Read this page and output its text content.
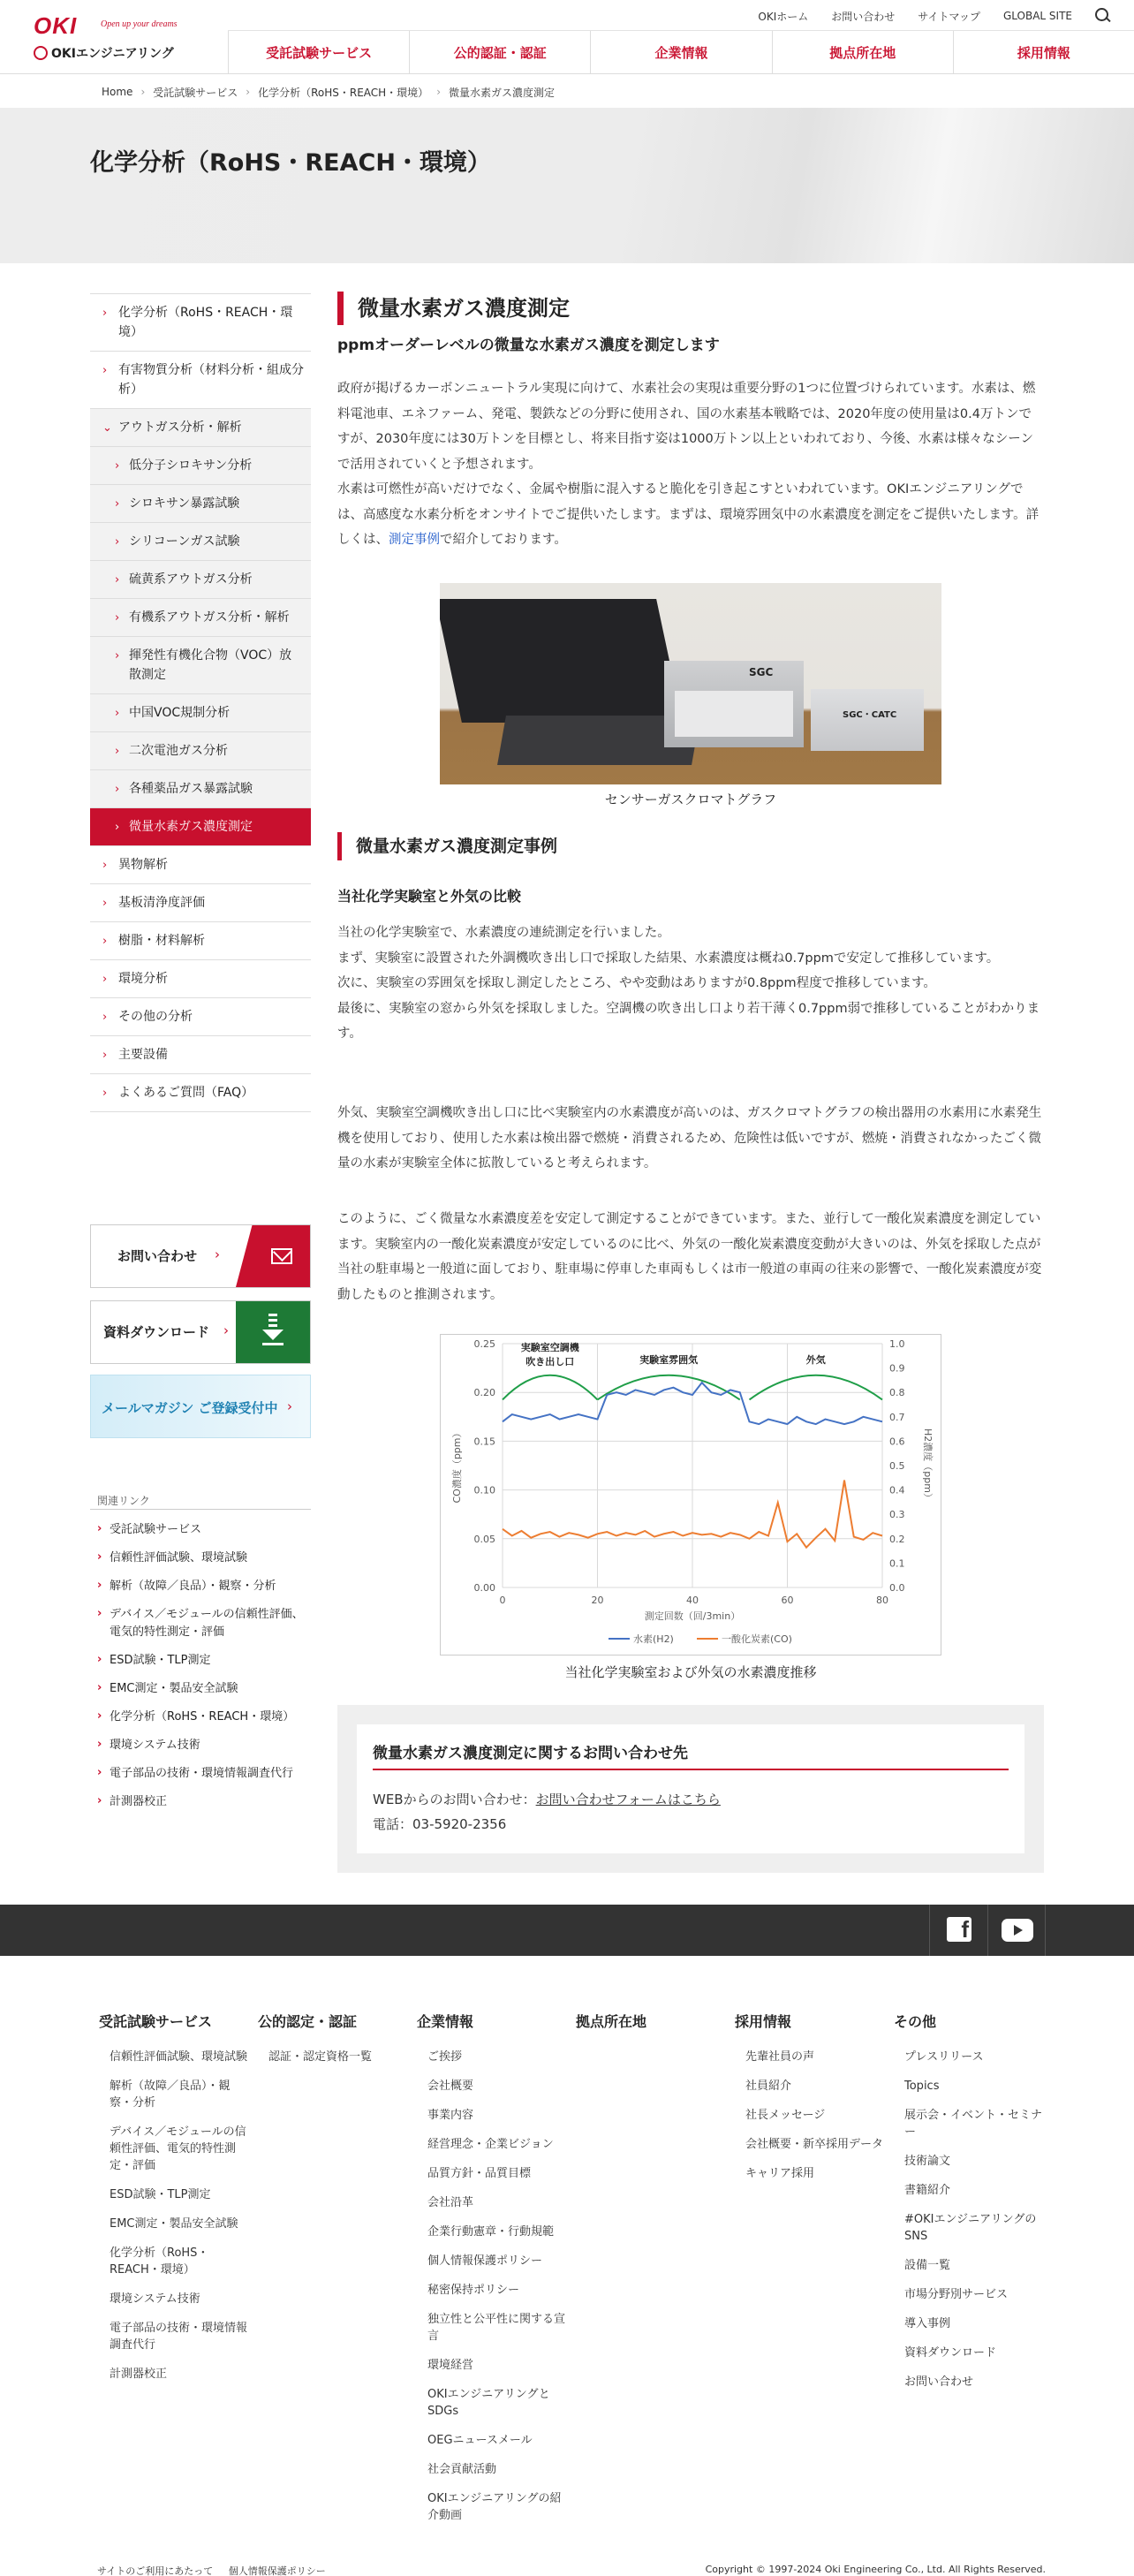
OKI	Open up your dreams
OKIエンジニアリング
OKIホーム お問い合わせ サイトマップ GLOBAL SITE
受託試験サービス	公的認証・認証	企業情報	拠点所在地	採用情報
Home › 受託試験サービス › 化学分析（RoHS・REACH・環境） › 微量水素ガス濃度測定
化学分析（RoHS・REACH・環境）
› 化学分析（RoHS・REACH・環境）
› 有害物質分析（材料分析・組成分析）
⌄ アウトガス分析・解析
› 低分子シロキサン分析
› シロキサン暴露試験
› シリコーンガス試験
› 硫黄系アウトガス分析
› 有機系アウトガス分析・解析
› 揮発性有機化合物（VOC）放散測定
› 中国VOC規制分析
› 二次電池ガス分析
› 各種薬品ガス暴露試験
› 微量水素ガス濃度測定
› 異物解析
› 基板清浄度評価
› 樹脂・材料解析
› 環境分析
› その他の分析
› 主要設備
› よくあるご質問（FAQ）
お問い合わせ ›
資料ダウンロード ›
メールマガジン ご登録受付中 ›
関連リンク
› 受託試験サービス
› 信頼性評価試験、環境試験
› 解析（故障／良品）・観察・分析
› デバイス／モジュールの信頼性評価、電気的特性測定・評価
› ESD試験・TLP測定
› EMC測定・製品安全試験
› 化学分析（RoHS・REACH・環境）
› 環境システム技術
› 電子部品の技術・環境情報調査代行
› 計測器校正
微量水素ガス濃度測定

ppmオーダーレベルの微量な水素ガス濃度を測定します

政府が掲げるカーボンニュートラル実現に向けて、水素社会の実現は重要分野の1つに位置づけられています。水素は、燃料電池車、エネファーム、発電、製鉄などの分野に使用され、国の水素基本戦略では、2020年度の使用量は0.4万トンですが、2030年度には30万トンを目標とし、将来目指す姿は1000万トン以上といわれており、今後、水素は様々なシーンで活用されていくと予想されます。

水素は可燃性が高いだけでなく、金属や樹脂に混入すると脆化を引き起こすといわれています。OKIエンジニアリングでは、高感度な水素分析をオンサイトでご提供いたします。まずは、環境雰囲気中の水素濃度を測定をご提供いたします。詳しくは、測定事例で紹介しております。

SGC
SGC・CATC

センサーガスクロマトグラフ

微量水素ガス濃度測定事例
当社化学実験室と外気の比較

当社の化学実験室で、水素濃度の連続測定を行いました。
まず、実験室に設置された外調機吹き出し口で採取した結果、水素濃度は概ね0.7ppmで安定して推移しています。
次に、実験室の雰囲気を採取し測定したところ、やや変動はありますが0.8ppm程度で推移しています。
最後に、実験室の窓から外気を採取しました。空調機の吹き出し口より若干薄く0.7ppm弱で推移していることがわかります。

外気、実験室空調機吹き出し口に比べ実験室内の水素濃度が高いのは、ガスクロマトグラフの検出器用の水素用に水素発生機を使用しており、使用した水素は検出器で燃焼・消費されるため、危険性は低いですが、燃焼・消費されなかったごく微量の水素が実験室全体に拡散していると考えられます。

このように、ごく微量な水素濃度差を安定して測定することができています。また、並行して一酸化炭素濃度を測定しています。実験室内の一酸化炭素濃度が安定しているのに比べ、外気の一酸化炭素濃度変動が大きいのは、外気を採取した点が当社の駐車場と一般道に面しており、駐車場に停車した車両もしくは市一般道の車両の往来の影響で、一酸化炭素濃度が変動したものと推測されます。

0.00
0.05
0.10
0.15
0.20
0.25
0.0
0.1
0.2
0.3
0.4
0.5
0.6
0.7
0.8
0.9
1.0
0	20	40	60	80
測定回数（回/3min）
CO濃度（ppm）	H2濃度（ppm）
実験室空調機
吹き出し口	実験室雰囲気	外気
水素(H2)	一酸化炭素(CO)

当社化学実験室および外気の水素濃度推移

微量水素ガス濃度測定に関するお問い合わせ先
WEBからのお問い合わせ：お問い合わせフォームはこちら
電話：03-5920-2356
f
受託試験サービス
信頼性評価試験、環境試験
解析（故障／良品）・観察・分析
デバイス／モジュールの信頼性評価、電気的特性測定・評価
ESD試験・TLP測定
EMC測定・製品安全試験
化学分析（RoHS・REACH・環境）
環境システム技術
電子部品の技術・環境情報調査代行
計測器校正
公的認定・認証
認証・認定資格一覧
企業情報
ご挨拶
会社概要
事業内容
経営理念・企業ビジョン
品質方針・品質目標
会社沿革
企業行動憲章・行動規範
個人情報保護ポリシー
秘密保持ポリシー
独立性と公平性に関する宣言
環境経営
OKIエンジニアリングとSDGs
OEGニュースメール
社会貢献活動
OKIエンジニアリングの紹介動画
拠点所在地	採用情報
先輩社員の声
社員紹介
社長メッセージ
会社概要・新卒採用データ
キャリア採用
その他
プレスリリース
Topics
展示会・イベント・セミナー
技術論文
書籍紹介
#OKIエンジニアリングのSNS
設備一覧
市場分野別サービス
導入事例
資料ダウンロード
お問い合わせ
サイトのご利用にあたって 個人情報保護ポリシー	Copyright © 1997-2024 Oki Engineering Co., Ltd. All Rights Reserved.
